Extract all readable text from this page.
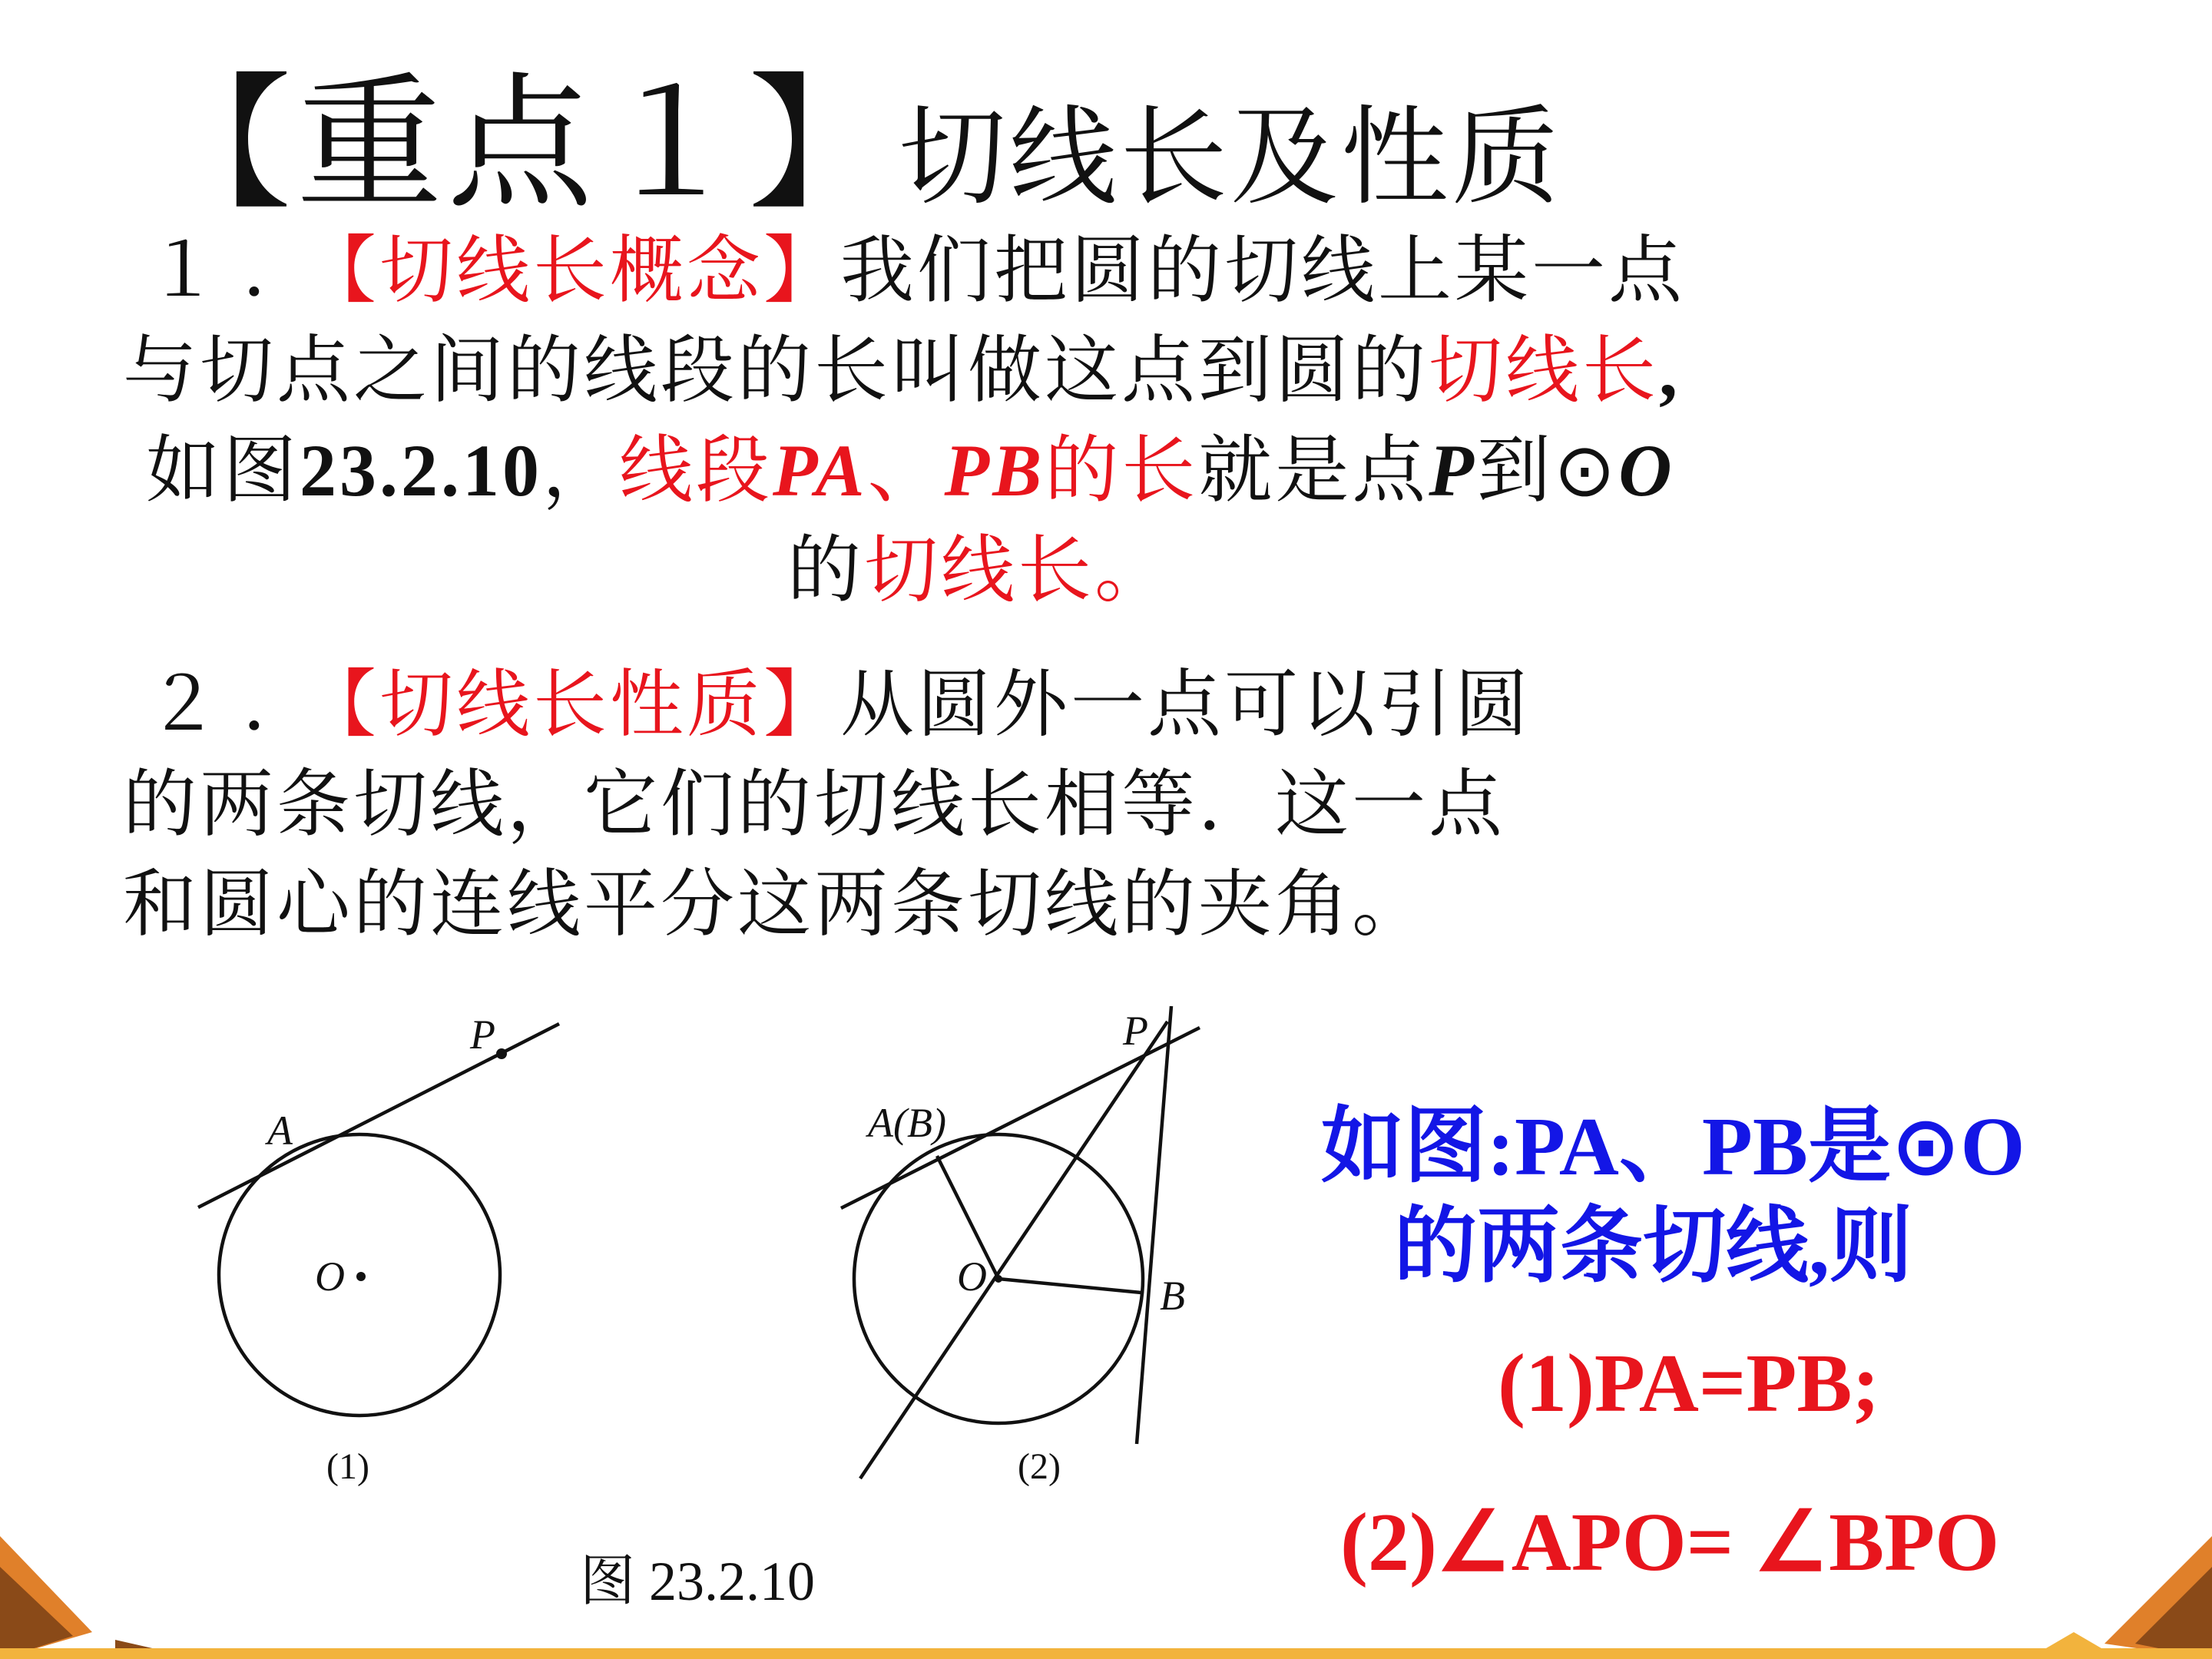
【重点１】切线长及性质
１．【切线长概念】我们把圆的切线上某一点
与切点之间的线段的长叫做这点到圆的切线长,
如图23.2.10，线段PA、PB的长就是点P到⊙O
的切线长。
２．【切线长性质】从圆外一点可以引圆
的两条切线，它们的切线长相等．这一点
和圆心的连线平分这两条切线的夹角。
P
A
O
P
A(B)
O	B
(1)	(2)
图 23.2.10
如图:PA、PB是⊙O
的两条切线,则
(1)PA=PB;
(2)∠APO= ∠BPO
